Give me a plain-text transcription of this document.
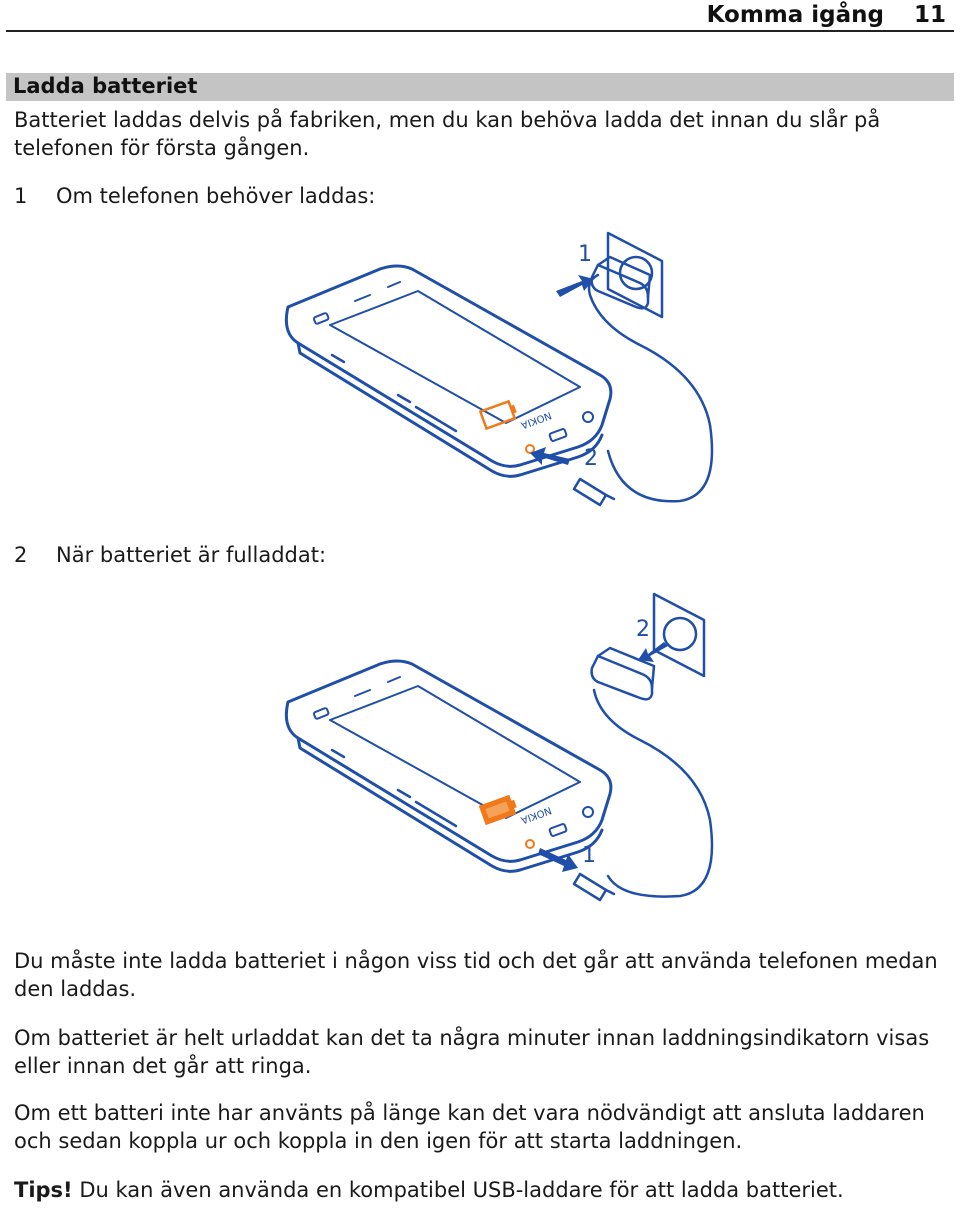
Komma igång 11
Ladda batteriet

Batteriet laddas delvis på fabriken, men du kan behöva ladda det innan du slår på telefonen för första gången.

1 Om telefonen behöver laddas:
NOKIA
1
2
2 När batteriet är fulladdat:
NOKIA
2
1

Du måste inte ladda batteriet i någon viss tid och det går att använda telefonen medan den laddas.

Om batteriet är helt urladdat kan det ta några minuter innan laddningsindikatorn visas eller innan det går att ringa.

Om ett batteri inte har använts på länge kan det vara nödvändigt att ansluta laddaren och sedan koppla ur och koppla in den igen för att starta laddningen.

Tips! Du kan även använda en kompatibel USB-laddare för att ladda batteriet.
